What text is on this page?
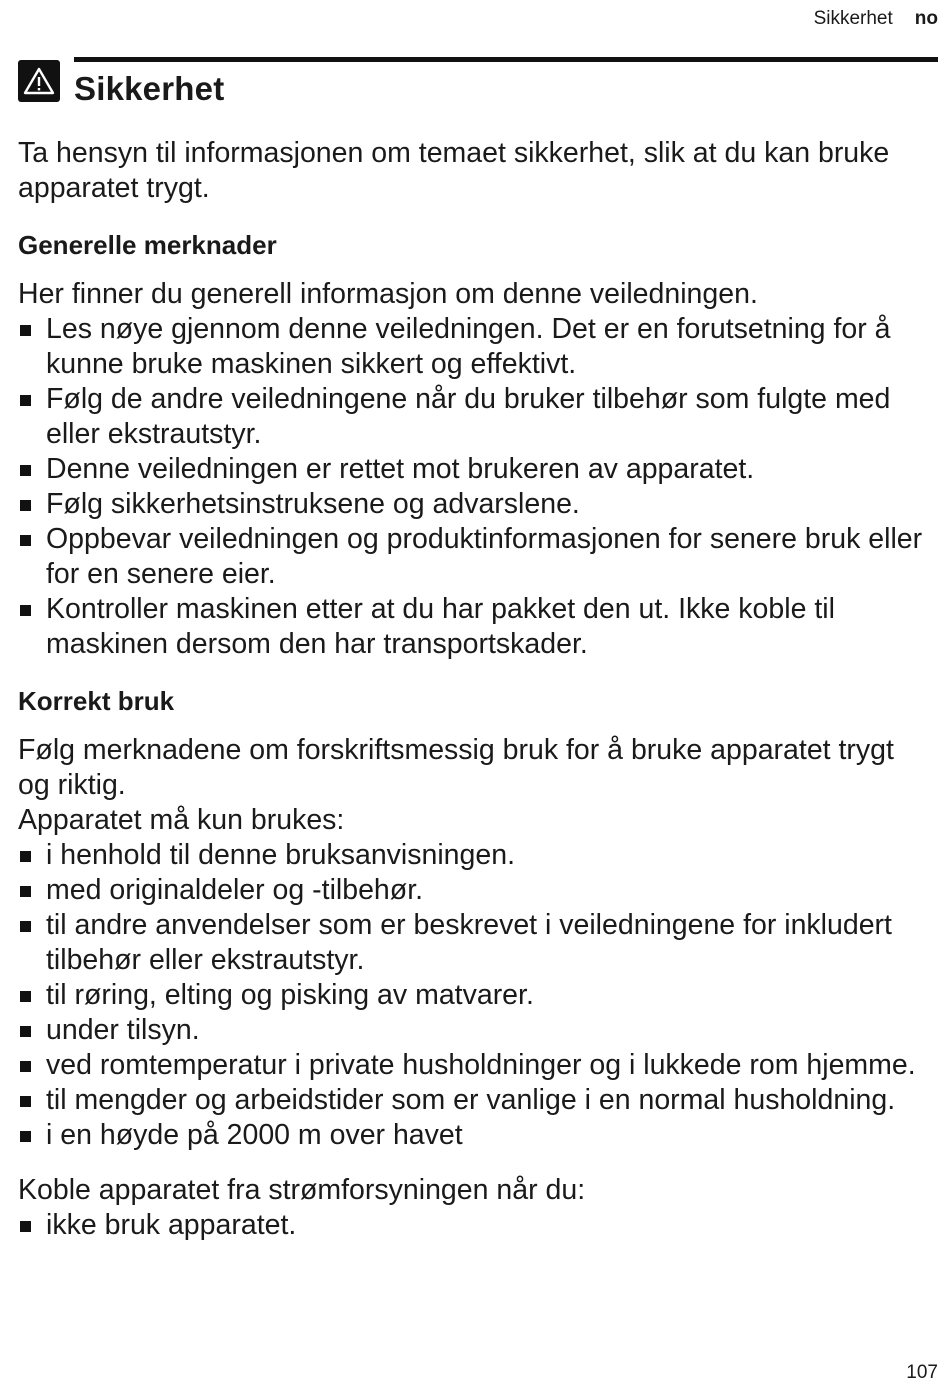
Sikkerhet no
Sikkerhet

Ta hensyn til informasjonen om temaet sikkerhet, slik at du kan bruke apparatet trygt.

Generelle merknader

Her finner du generell informasjon om denne veiledningen.

Les nøye gjennom denne veiledningen. Det er en forutsetning for å kunne bruke maskinen sikkert og effektivt.
Følg de andre veiledningene når du bruker tilbehør som fulgte med eller ekstrautstyr.
Denne veiledningen er rettet mot brukeren av apparatet.
Følg sikkerhetsinstruksene og advarslene.
Oppbevar veiledningen og produktinformasjonen for senere bruk eller for en senere eier.
Kontroller maskinen etter at du har pakket den ut. Ikke koble til maskinen dersom den har transportskader.
Korrekt bruk

Følg merknadene om forskriftsmessig bruk for å bruke apparatet trygt og riktig.

Apparatet må kun brukes:

i henhold til denne bruksanvisningen.
med originaldeler og -tilbehør.
til andre anvendelser som er beskrevet i veiledningene for inkludert tilbehør eller ekstrautstyr.
til røring, elting og pisking av matvarer.
under tilsyn.
ved romtemperatur i private husholdninger og i lukkede rom hjemme.
til mengder og arbeidstider som er vanlige i en normal husholdning.
i en høyde på 2000 m over havet

Koble apparatet fra strømforsyningen når du:

ikke bruk apparatet.
107
